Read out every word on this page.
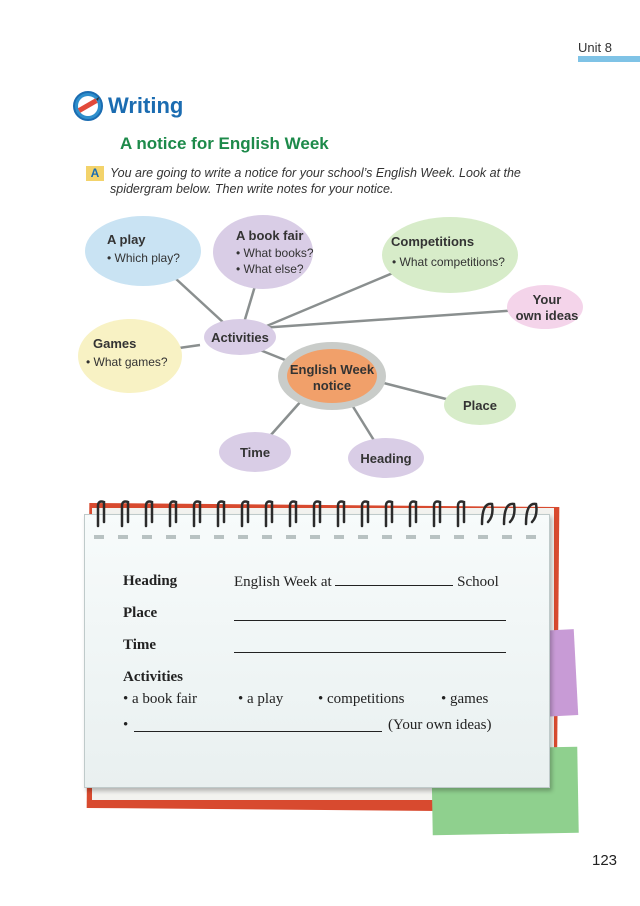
Unit 8
Writing
A notice for English Week
A You are going to write a notice for your school’s English Week. Look at the
spidergram below. Then write notes for your notice.
A play
• Which play?
A book fair
• What books?
• What else?
Competitions
• What competitions?
Your
own ideas
Games
• What games?
Activities
English Week
notice
Place
Time	Heading
Heading	English Week at	School
Place
Time
Activities
• a book fair	• a play • competitions • games
•	(Your own ideas)
123
